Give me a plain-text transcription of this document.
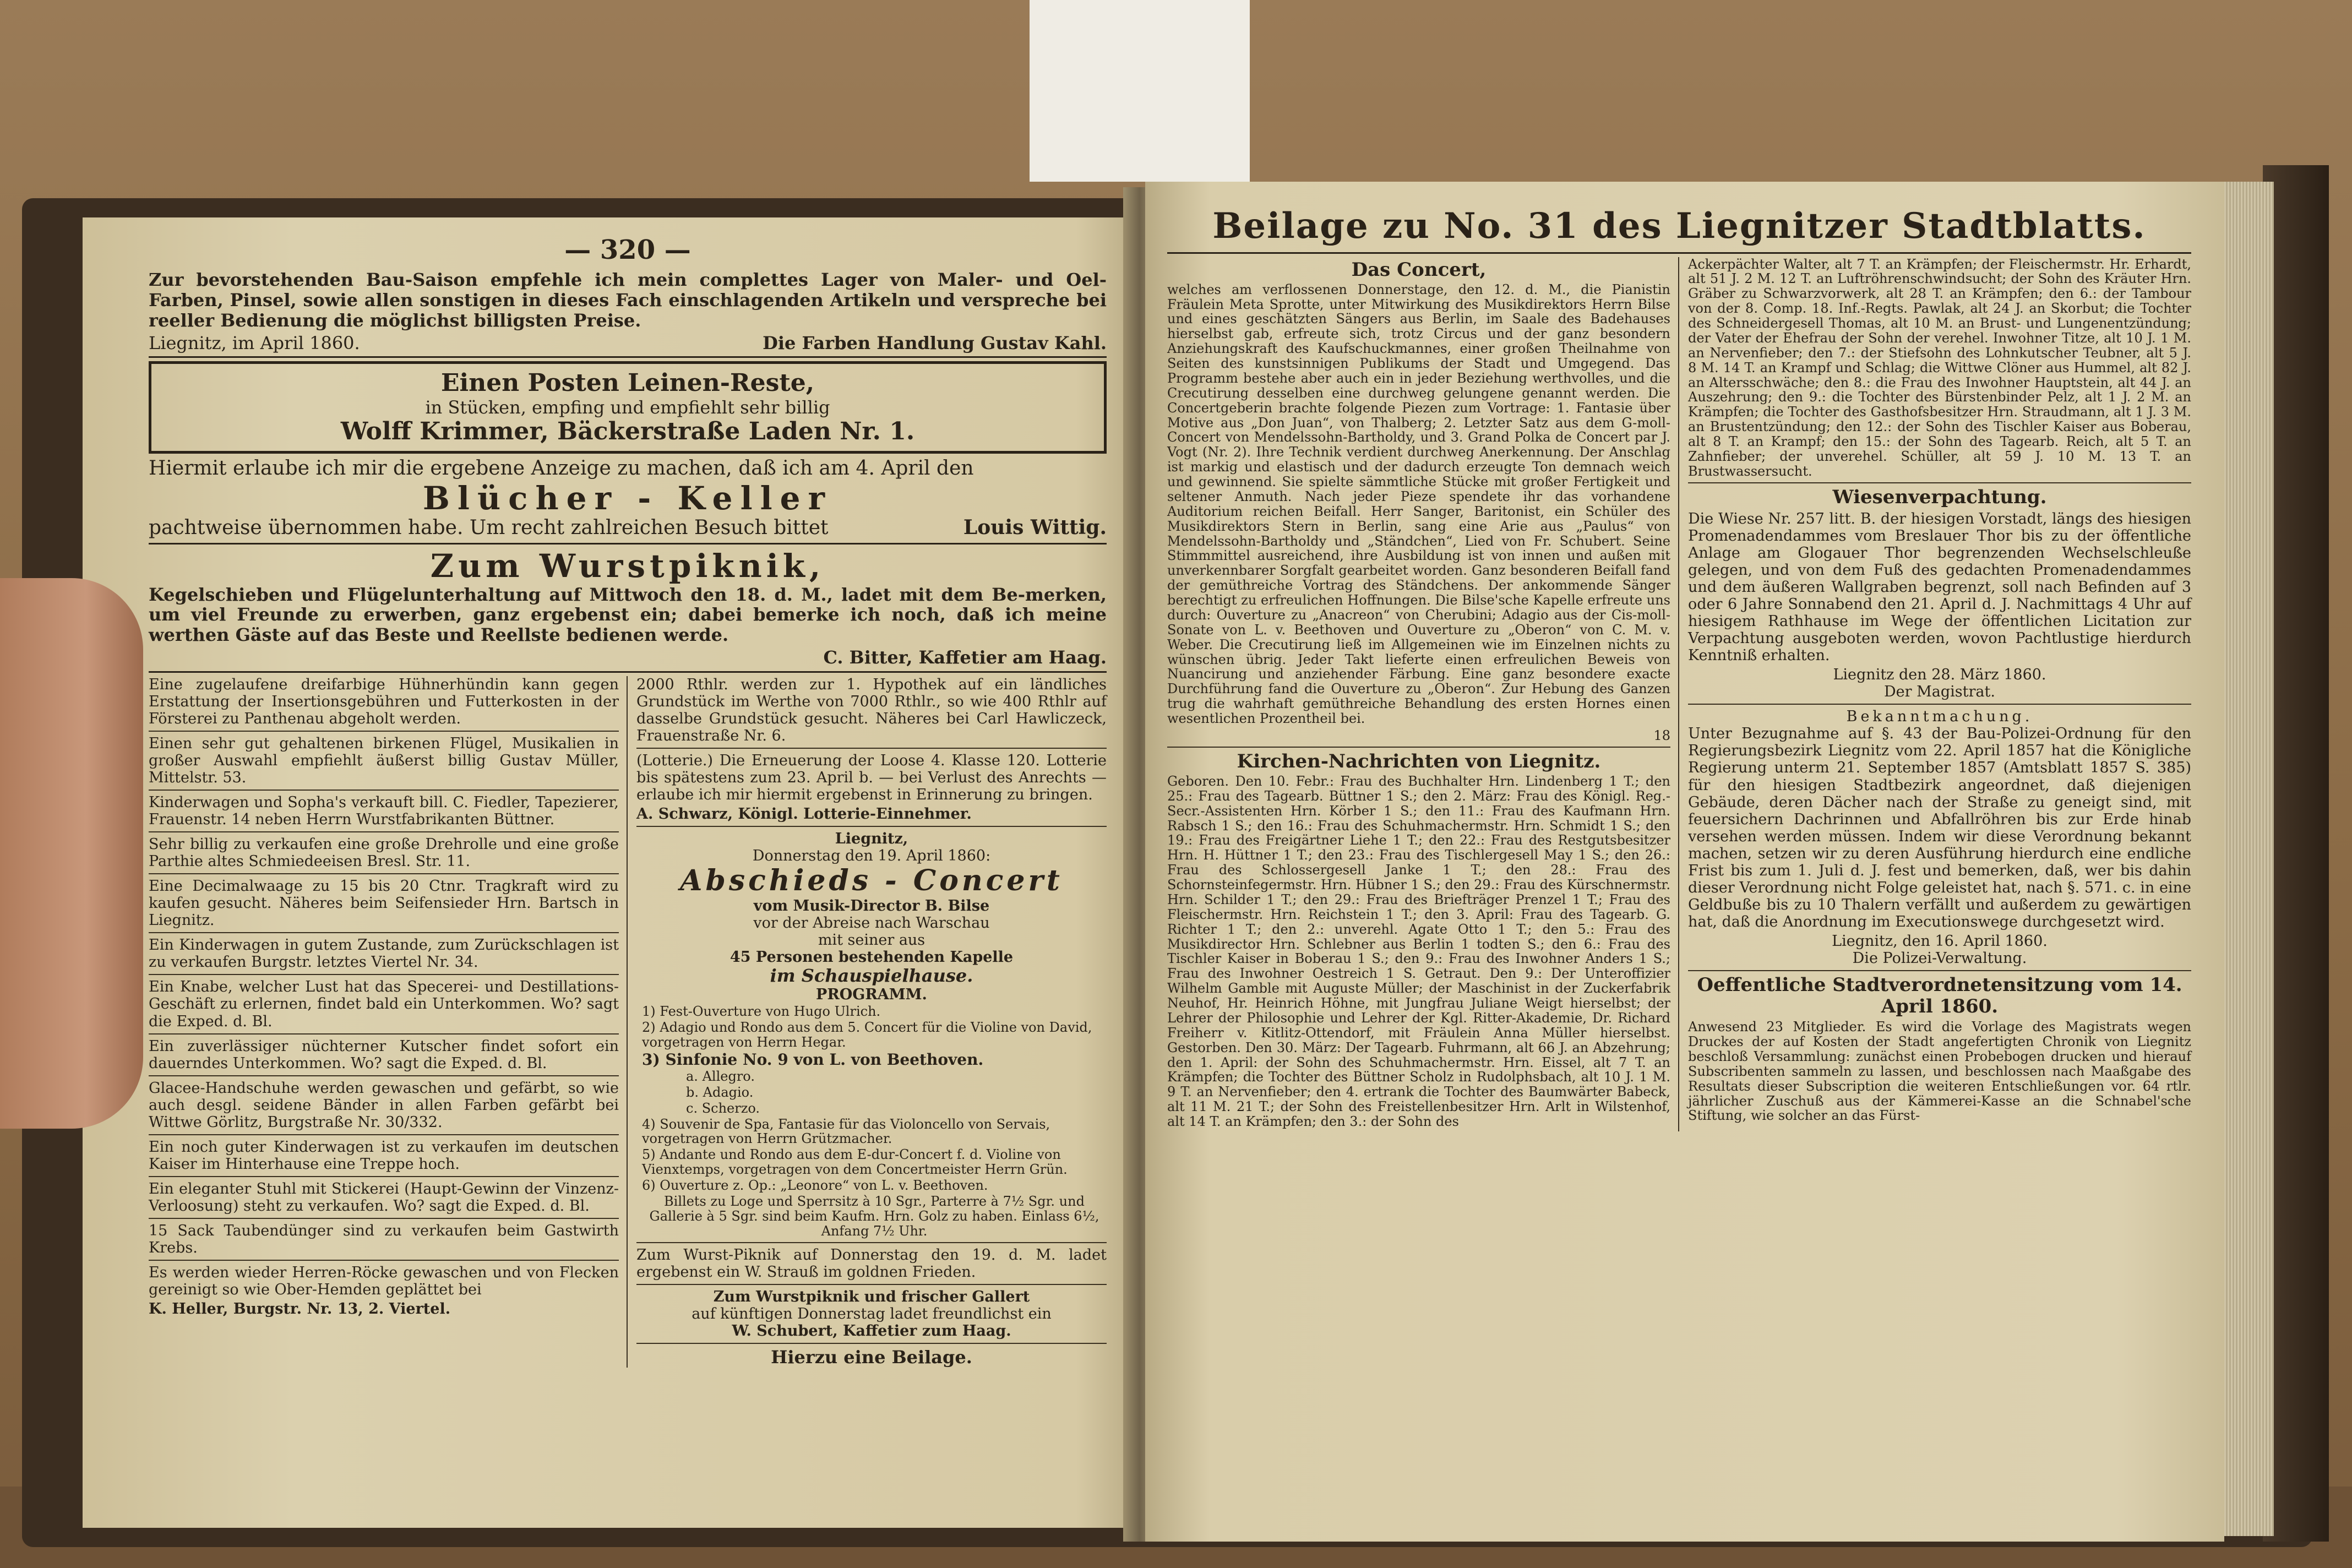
— 320 —

Zur bevorstehenden Bau-Saison empfehle ich mein complettes Lager von Maler- und Oel-Farben, Pinsel, sowie allen sonstigen in dieses Fach einschlagenden Artikeln und verspreche bei reeller Bedienung die möglichst billigsten Preise.

Liegnitz, im April 1860.	Die Farben Handlung Gustav Kahl.
Einen Posten Leinen-Reste,
in Stücken, empfing und empfiehlt sehr billig
Wolff Krimmer, Bäckerstraße Laden Nr. 1.
Hiermit erlaube ich mir die ergebene Anzeige zu machen, daß ich am 4. April den
Blücher - Keller
pachtweise übernommen habe. Um recht zahlreichen Besuch bittet	Louis Wittig.
Zum Wurstpiknik,

Kegelschieben und Flügelunterhaltung auf Mittwoch den 18. d. M., ladet mit dem Be-merken, um viel Freunde zu erwerben, ganz ergebenst ein; dabei bemerke ich noch, daß ich meine werthen Gäste auf das Beste und Reellste bedienen werde.

C. Bitter, Kaffetier am Haag.

Eine zugelaufene dreifarbige Hühnerhündin kann gegen Erstattung der Insertionsgebühren und Futterkosten in der Försterei zu Panthenau abgeholt werden.

Einen sehr gut gehaltenen birkenen Flügel, Musikalien in großer Auswahl empfiehlt äußerst billig Gustav Müller, Mittelstr. 53.

Kinderwagen und Sopha's verkauft bill. C. Fiedler, Tapezierer, Frauenstr. 14 neben Herrn Wurstfabrikanten Büttner.

Sehr billig zu verkaufen eine große Drehrolle und eine große Parthie altes Schmiedeeisen Bresl. Str. 11.

Eine Decimalwaage zu 15 bis 20 Ctnr. Tragkraft wird zu kaufen gesucht. Näheres beim Seifensieder Hrn. Bartsch in Liegnitz.

Ein Kinderwagen in gutem Zustande, zum Zurückschlagen ist zu verkaufen Burgstr. letztes Viertel Nr. 34.

Ein Knabe, welcher Lust hat das Specerei- und Destillations-Geschäft zu erlernen, findet bald ein Unterkommen. Wo? sagt die Exped. d. Bl.

Ein zuverlässiger nüchterner Kutscher findet sofort ein dauerndes Unterkommen. Wo? sagt die Exped. d. Bl.

Glacee-Handschuhe werden gewaschen und gefärbt, so wie auch desgl. seidene Bänder in allen Farben gefärbt bei Wittwe Görlitz, Burgstraße Nr. 30/332.

Ein noch guter Kinderwagen ist zu verkaufen im deutschen Kaiser im Hinterhause eine Treppe hoch.

Ein eleganter Stuhl mit Stickerei (Haupt-Gewinn der Vinzenz-Verloosung) steht zu verkaufen. Wo? sagt die Exped. d. Bl.

15 Sack Taubendünger sind zu verkaufen beim Gastwirth Krebs.

Es werden wieder Herren-Röcke gewaschen und von Flecken gereinigt so wie Ober-Hemden geplättet bei

K. Heller, Burgstr. Nr. 13, 2. Viertel.

2000 Rthlr. werden zur 1. Hypothek auf ein ländliches Grundstück im Werthe von 7000 Rthlr., so wie 400 Rthlr auf dasselbe Grundstück gesucht. Näheres bei Carl Hawliczeck, Frauenstraße Nr. 6.

(Lotterie.) Die Erneuerung der Loose 4. Klasse 120. Lotterie bis spätestens zum 23. April b. — bei Verlust des Anrechts — erlaube ich mir hiermit ergebenst in Erinnerung zu bringen.

A. Schwarz, Königl. Lotterie-Einnehmer.

Liegnitz,
Donnerstag den 19. April 1860:
Abschieds - Concert
vom Musik-Director B. Bilse
vor der Abreise nach Warschau
mit seiner aus
45 Personen bestehenden Kapelle
im Schauspielhause.
PROGRAMM.
1) Fest-Ouverture von Hugo Ulrich.
2) Adagio und Rondo aus dem 5. Concert für die Violine von David, vorgetragen von Herrn Hegar.
3) Sinfonie No. 9 von L. von Beethoven.
a. Allegro.
b. Adagio.
c. Scherzo.
4) Souvenir de Spa, Fantasie für das Violoncello von Servais, vorgetragen von Herrn Grützmacher.
5) Andante und Rondo aus dem E-dur-Concert f. d. Violine von Vienxtemps, vorgetragen von dem Concertmeister Herrn Grün.
6) Ouverture z. Op.: „Leonore“ von L. v. Beethoven.
Billets zu Loge und Sperrsitz à 10 Sgr., Parterre à 7½ Sgr. und Gallerie à 5 Sgr. sind beim Kaufm. Hrn. Golz zu haben. Einlass 6½, Anfang 7½ Uhr.

Zum Wurst-Piknik auf Donnerstag den 19. d. M. ladet ergebenst ein W. Strauß im goldnen Frieden.

Zum Wurstpiknik und frischer Gallert
auf künftigen Donnerstag ladet freundlichst ein
W. Schubert, Kaffetier zum Haag.
Hierzu eine Beilage.
Beilage zu No. 31 des Liegnitzer Stadtblatts.
Das Concert,

welches am verflossenen Donnerstage, den 12. d. M., die Pianistin Fräulein Meta Sprotte, unter Mitwirkung des Musikdirektors Herrn Bilse und eines geschätzten Sängers aus Berlin, im Saale des Badehauses hierselbst gab, erfreute sich, trotz Circus und der ganz besondern Anziehungskraft des Kaufschuckmannes, einer großen Theilnahme von Seiten des kunstsinnigen Publikums der Stadt und Umgegend. Das Programm bestehe aber auch ein in jeder Beziehung werthvolles, und die Crecutirung desselben eine durchweg gelungene genannt werden. Die Concertgeberin brachte folgende Piezen zum Vortrage: 1. Fantasie über Motive aus „Don Juan“, von Thalberg; 2. Letzter Satz aus dem G-moll-Concert von Mendelssohn-Bartholdy, und 3. Grand Polka de Concert par J. Vogt (Nr. 2). Ihre Technik verdient durchweg Anerkennung. Der Anschlag ist markig und elastisch und der dadurch erzeugte Ton demnach weich und gewinnend. Sie spielte sämmtliche Stücke mit großer Fertigkeit und seltener Anmuth. Nach jeder Pieze spendete ihr das vorhandene Auditorium reichen Beifall. Herr Sanger, Baritonist, ein Schüler des Musikdirektors Stern in Berlin, sang eine Arie aus „Paulus“ von Mendelssohn-Bartholdy und „Ständchen“, Lied von Fr. Schubert. Seine Stimmmittel ausreichend, ihre Ausbildung ist von innen und außen mit unverkennbarer Sorgfalt gearbeitet worden. Ganz besonderen Beifall fand der gemüthreiche Vortrag des Ständchens. Der ankommende Sänger berechtigt zu erfreulichen Hoffnungen. Die Bilse'sche Kapelle erfreute uns durch: Ouverture zu „Anacreon“ von Cherubini; Adagio aus der Cis-moll-Sonate von L. v. Beethoven und Ouverture zu „Oberon“ von C. M. v. Weber. Die Crecutirung ließ im Allgemeinen wie im Einzelnen nichts zu wünschen übrig. Jeder Takt lieferte einen erfreulichen Beweis von Nuancirung und anziehender Färbung. Eine ganz besondere exacte Durchführung fand die Ouverture zu „Oberon“. Zur Hebung des Ganzen trug die wahrhaft gemüthreiche Behandlung des ersten Hornes einen wesentlichen Prozentheil bei.

18
Kirchen-Nachrichten von Liegnitz.

Geboren. Den 10. Febr.: Frau des Buchhalter Hrn. Lindenberg 1 T.; den 25.: Frau des Tagearb. Büttner 1 S.; den 2. März: Frau des Königl. Reg.-Secr.-Assistenten Hrn. Körber 1 S.; den 11.: Frau des Kaufmann Hrn. Rabsch 1 S.; den 16.: Frau des Schuhmachermstr. Hrn. Schmidt 1 S.; den 19.: Frau des Freigärtner Liehe 1 T.; den 22.: Frau des Restgutsbesitzer Hrn. H. Hüttner 1 T.; den 23.: Frau des Tischlergesell May 1 S.; den 26.: Frau des Schlossergesell Janke 1 T.; den 28.: Frau des Schornsteinfegermstr. Hrn. Hübner 1 S.; den 29.: Frau des Kürschnermstr. Hrn. Schilder 1 T.; den 29.: Frau des Briefträger Prenzel 1 T.; Frau des Fleischermstr. Hrn. Reichstein 1 T.; den 3. April: Frau des Tagearb. G. Richter 1 T.; den 2.: unverehl. Agate Otto 1 T.; den 5.: Frau des Musikdirector Hrn. Schlebner aus Berlin 1 todten S.; den 6.: Frau des Tischler Kaiser in Boberau 1 S.; den 9.: Frau des Inwohner Anders 1 S.; Frau des Inwohner Oestreich 1 S. Getraut. Den 9.: Der Unteroffizier Wilhelm Gamble mit Auguste Müller; der Maschinist in der Zuckerfabrik Neuhof, Hr. Heinrich Höhne, mit Jungfrau Juliane Weigt hierselbst; der Lehrer der Philosophie und Lehrer der Kgl. Ritter-Akademie, Dr. Richard Freiherr v. Kitlitz-Ottendorf, mit Fräulein Anna Müller hierselbst. Gestorben. Den 30. März: Der Tagearb. Fuhrmann, alt 66 J. an Abzehrung; den 1. April: der Sohn des Schuhmachermstr. Hrn. Eissel, alt 7 T. an Krämpfen; die Tochter des Büttner Scholz in Rudolphsbach, alt 10 J. 1 M. 9 T. an Nervenfieber; den 4. ertrank die Tochter des Baumwärter Babeck, alt 11 M. 21 T.; der Sohn des Freistellenbesitzer Hrn. Arlt in Wilstenhof, alt 14 T. an Krämpfen; den 3.: der Sohn des

Ackerpächter Walter, alt 7 T. an Krämpfen; der Fleischermstr. Hr. Erhardt, alt 51 J. 2 M. 12 T. an Luftröhrenschwindsucht; der Sohn des Kräuter Hrn. Gräber zu Schwarzvorwerk, alt 28 T. an Krämpfen; den 6.: der Tambour von der 8. Comp. 18. Inf.-Regts. Pawlak, alt 24 J. an Skorbut; die Tochter des Schneidergesell Thomas, alt 10 M. an Brust- und Lungenentzündung; der Vater der Ehefrau der Sohn der verehel. Inwohner Titze, alt 10 J. 1 M. an Nervenfieber; den 7.: der Stiefsohn des Lohnkutscher Teubner, alt 5 J. 8 M. 14 T. an Krampf und Schlag; die Wittwe Clöner aus Hummel, alt 82 J. an Altersschwäche; den 8.: die Frau des Inwohner Hauptstein, alt 44 J. an Auszehrung; den 9.: die Tochter des Bürstenbinder Pelz, alt 1 J. 2 M. an Krämpfen; die Tochter des Gasthofsbesitzer Hrn. Straudmann, alt 1 J. 3 M. an Brustentzündung; den 12.: der Sohn des Tischler Kaiser aus Boberau, alt 8 T. an Krampf; den 15.: der Sohn des Tagearb. Reich, alt 5 T. an Zahnfieber; der unverehel. Schüller, alt 59 J. 10 M. 13 T. an Brustwassersucht.

Wiesenverpachtung.

Die Wiese Nr. 257 litt. B. der hiesigen Vorstadt, längs des hiesigen Promenadendammes vom Breslauer Thor bis zu der öffentliche Anlage am Glogauer Thor begrenzenden Wechselschleuße gelegen, und von dem Fuß des gedachten Promenadendammes und dem äußeren Wallgraben begrenzt, soll nach Befinden auf 3 oder 6 Jahre Sonnabend den 21. April d. J. Nachmittags 4 Uhr auf hiesigem Rathhause im Wege der öffentlichen Licitation zur Verpachtung ausgeboten werden, wovon Pachtlustige hierdurch Kenntniß erhalten.

Liegnitz den 28. März 1860.
Der Magistrat.
Bekanntmachung.

Unter Bezugnahme auf §. 43 der Bau-Polizei-Ordnung für den Regierungsbezirk Liegnitz vom 22. April 1857 hat die Königliche Regierung unterm 21. September 1857 (Amtsblatt 1857 S. 385) für den hiesigen Stadtbezirk angeordnet, daß diejenigen Gebäude, deren Dächer nach der Straße zu geneigt sind, mit feuersichern Dachrinnen und Abfallröhren bis zur Erde hinab versehen werden müssen. Indem wir diese Verordnung bekannt machen, setzen wir zu deren Ausführung hierdurch eine endliche Frist bis zum 1. Juli d. J. fest und bemerken, daß, wer bis dahin dieser Verordnung nicht Folge geleistet hat, nach §. 571. c. in eine Geldbuße bis zu 10 Thalern verfällt und außerdem zu gewärtigen hat, daß die Anordnung im Executionswege durchgesetzt wird.

Liegnitz, den 16. April 1860.
Die Polizei-Verwaltung.
Oeffentliche Stadtverordnetensitzung vom 14. April 1860.

Anwesend 23 Mitglieder. Es wird die Vorlage des Magistrats wegen Druckes der auf Kosten der Stadt angefertigten Chronik von Liegnitz beschloß Versammlung: zunächst einen Probebogen drucken und hierauf Subscribenten sammeln zu lassen, und beschlossen nach Maaßgabe des Resultats dieser Subscription die weiteren Entschließungen vor. 64 rtlr. jährlicher Zuschuß aus der Kämmerei-Kasse an die Schnabel'sche Stiftung, wie solcher an das Fürst-
